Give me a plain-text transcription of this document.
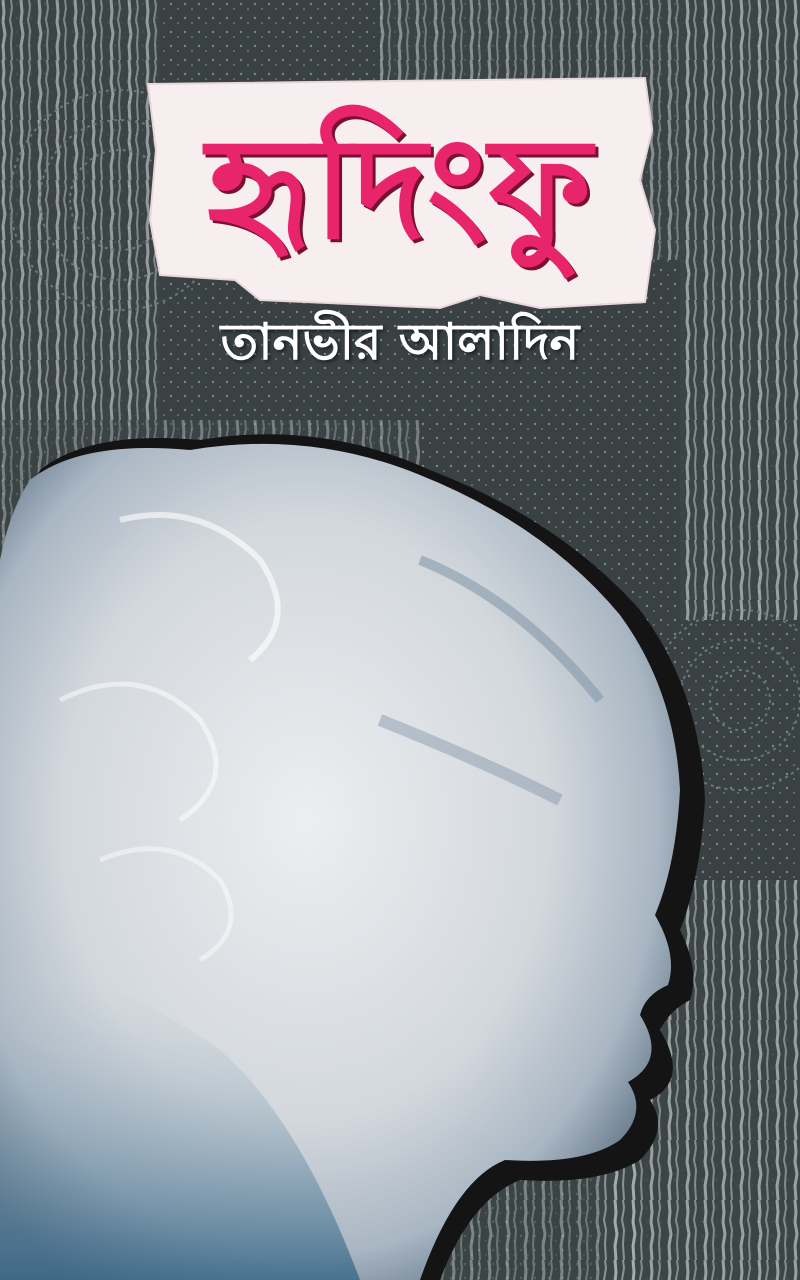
হৃদিংফু
তানভীর আলাদিন
